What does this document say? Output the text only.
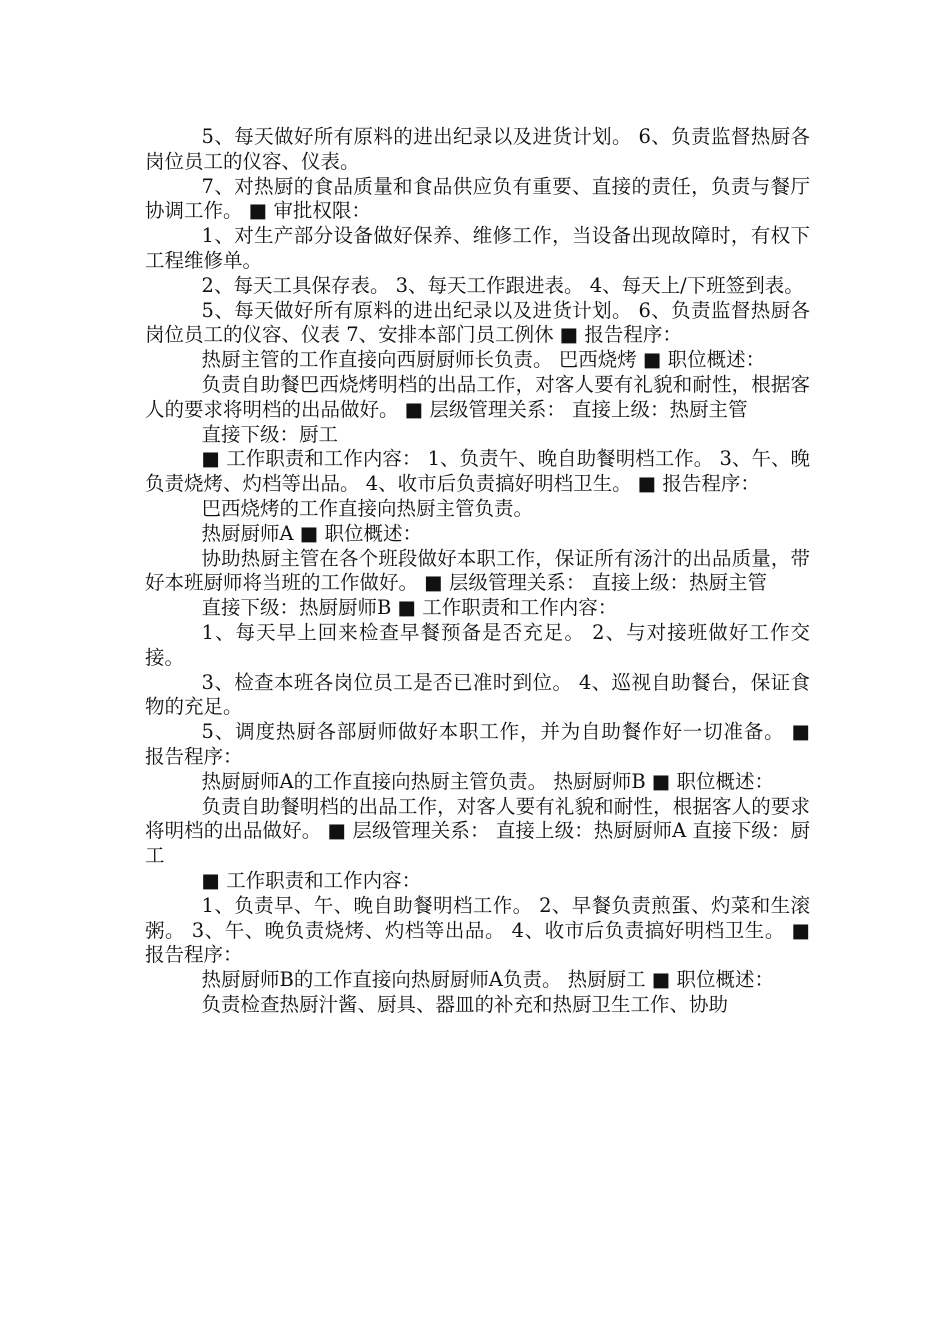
5、每天做好所有原料的进出纪录以及进货计划。 6、负责监督热厨各岗位员工的仪容、仪表。

7、对热厨的食品质量和食品供应负有重要、直接的责任，负责与餐厅协调工作。 ■ 审批权限：

1、对生产部分设备做好保养、维修工作，当设备出现故障时，有权下工程维修单。

2、每天工具保存表。 3、每天工作跟进表。 4、每天上/下班签到表。

5、每天做好所有原料的进出纪录以及进货计划。 6、负责监督热厨各岗位员工的仪容、仪表 7、安排本部门员工例休 ■ 报告程序：

热厨主管的工作直接向西厨厨师长负责。 巴西烧烤 ■ 职位概述：

负责自助餐巴西烧烤明档的出品工作，对客人要有礼貌和耐性，根据客人的要求将明档的出品做好。 ■ 层级管理关系： 直接上级：热厨主管

直接下级：厨工

■ 工作职责和工作内容： 1、负责午、晚自助餐明档工作。 3、午、晚负责烧烤、灼档等出品。 4、收市后负责搞好明档卫生。 ■ 报告程序：

巴西烧烤的工作直接向热厨主管负责。

热厨厨师A ■ 职位概述：

协助热厨主管在各个班段做好本职工作，保证所有汤汁的出品质量，带好本班厨师将当班的工作做好。 ■ 层级管理关系： 直接上级：热厨主管

直接下级：热厨厨师B ■ 工作职责和工作内容：

1、每天早上回来检查早餐预备是否充足。 2、与对接班做好工作交接。

3、检查本班各岗位员工是否已准时到位。 4、巡视自助餐台，保证食物的充足。

5、调度热厨各部厨师做好本职工作，并为自助餐作好一切准备。 ■ 报告程序：

热厨厨师A的工作直接向热厨主管负责。 热厨厨师B ■ 职位概述：

负责自助餐明档的出品工作，对客人要有礼貌和耐性，根据客人的要求将明档的出品做好。 ■ 层级管理关系： 直接上级：热厨厨师A 直接下级：厨工

■ 工作职责和工作内容：

1、负责早、午、晚自助餐明档工作。 2、早餐负责煎蛋、灼菜和生滚粥。 3、午、晚负责烧烤、灼档等出品。 4、收市后负责搞好明档卫生。 ■ 报告程序：

热厨厨师B的工作直接向热厨厨师A负责。 热厨厨工 ■ 职位概述：

负责检查热厨汁酱、厨具、器皿的补充和热厨卫生工作、协助
